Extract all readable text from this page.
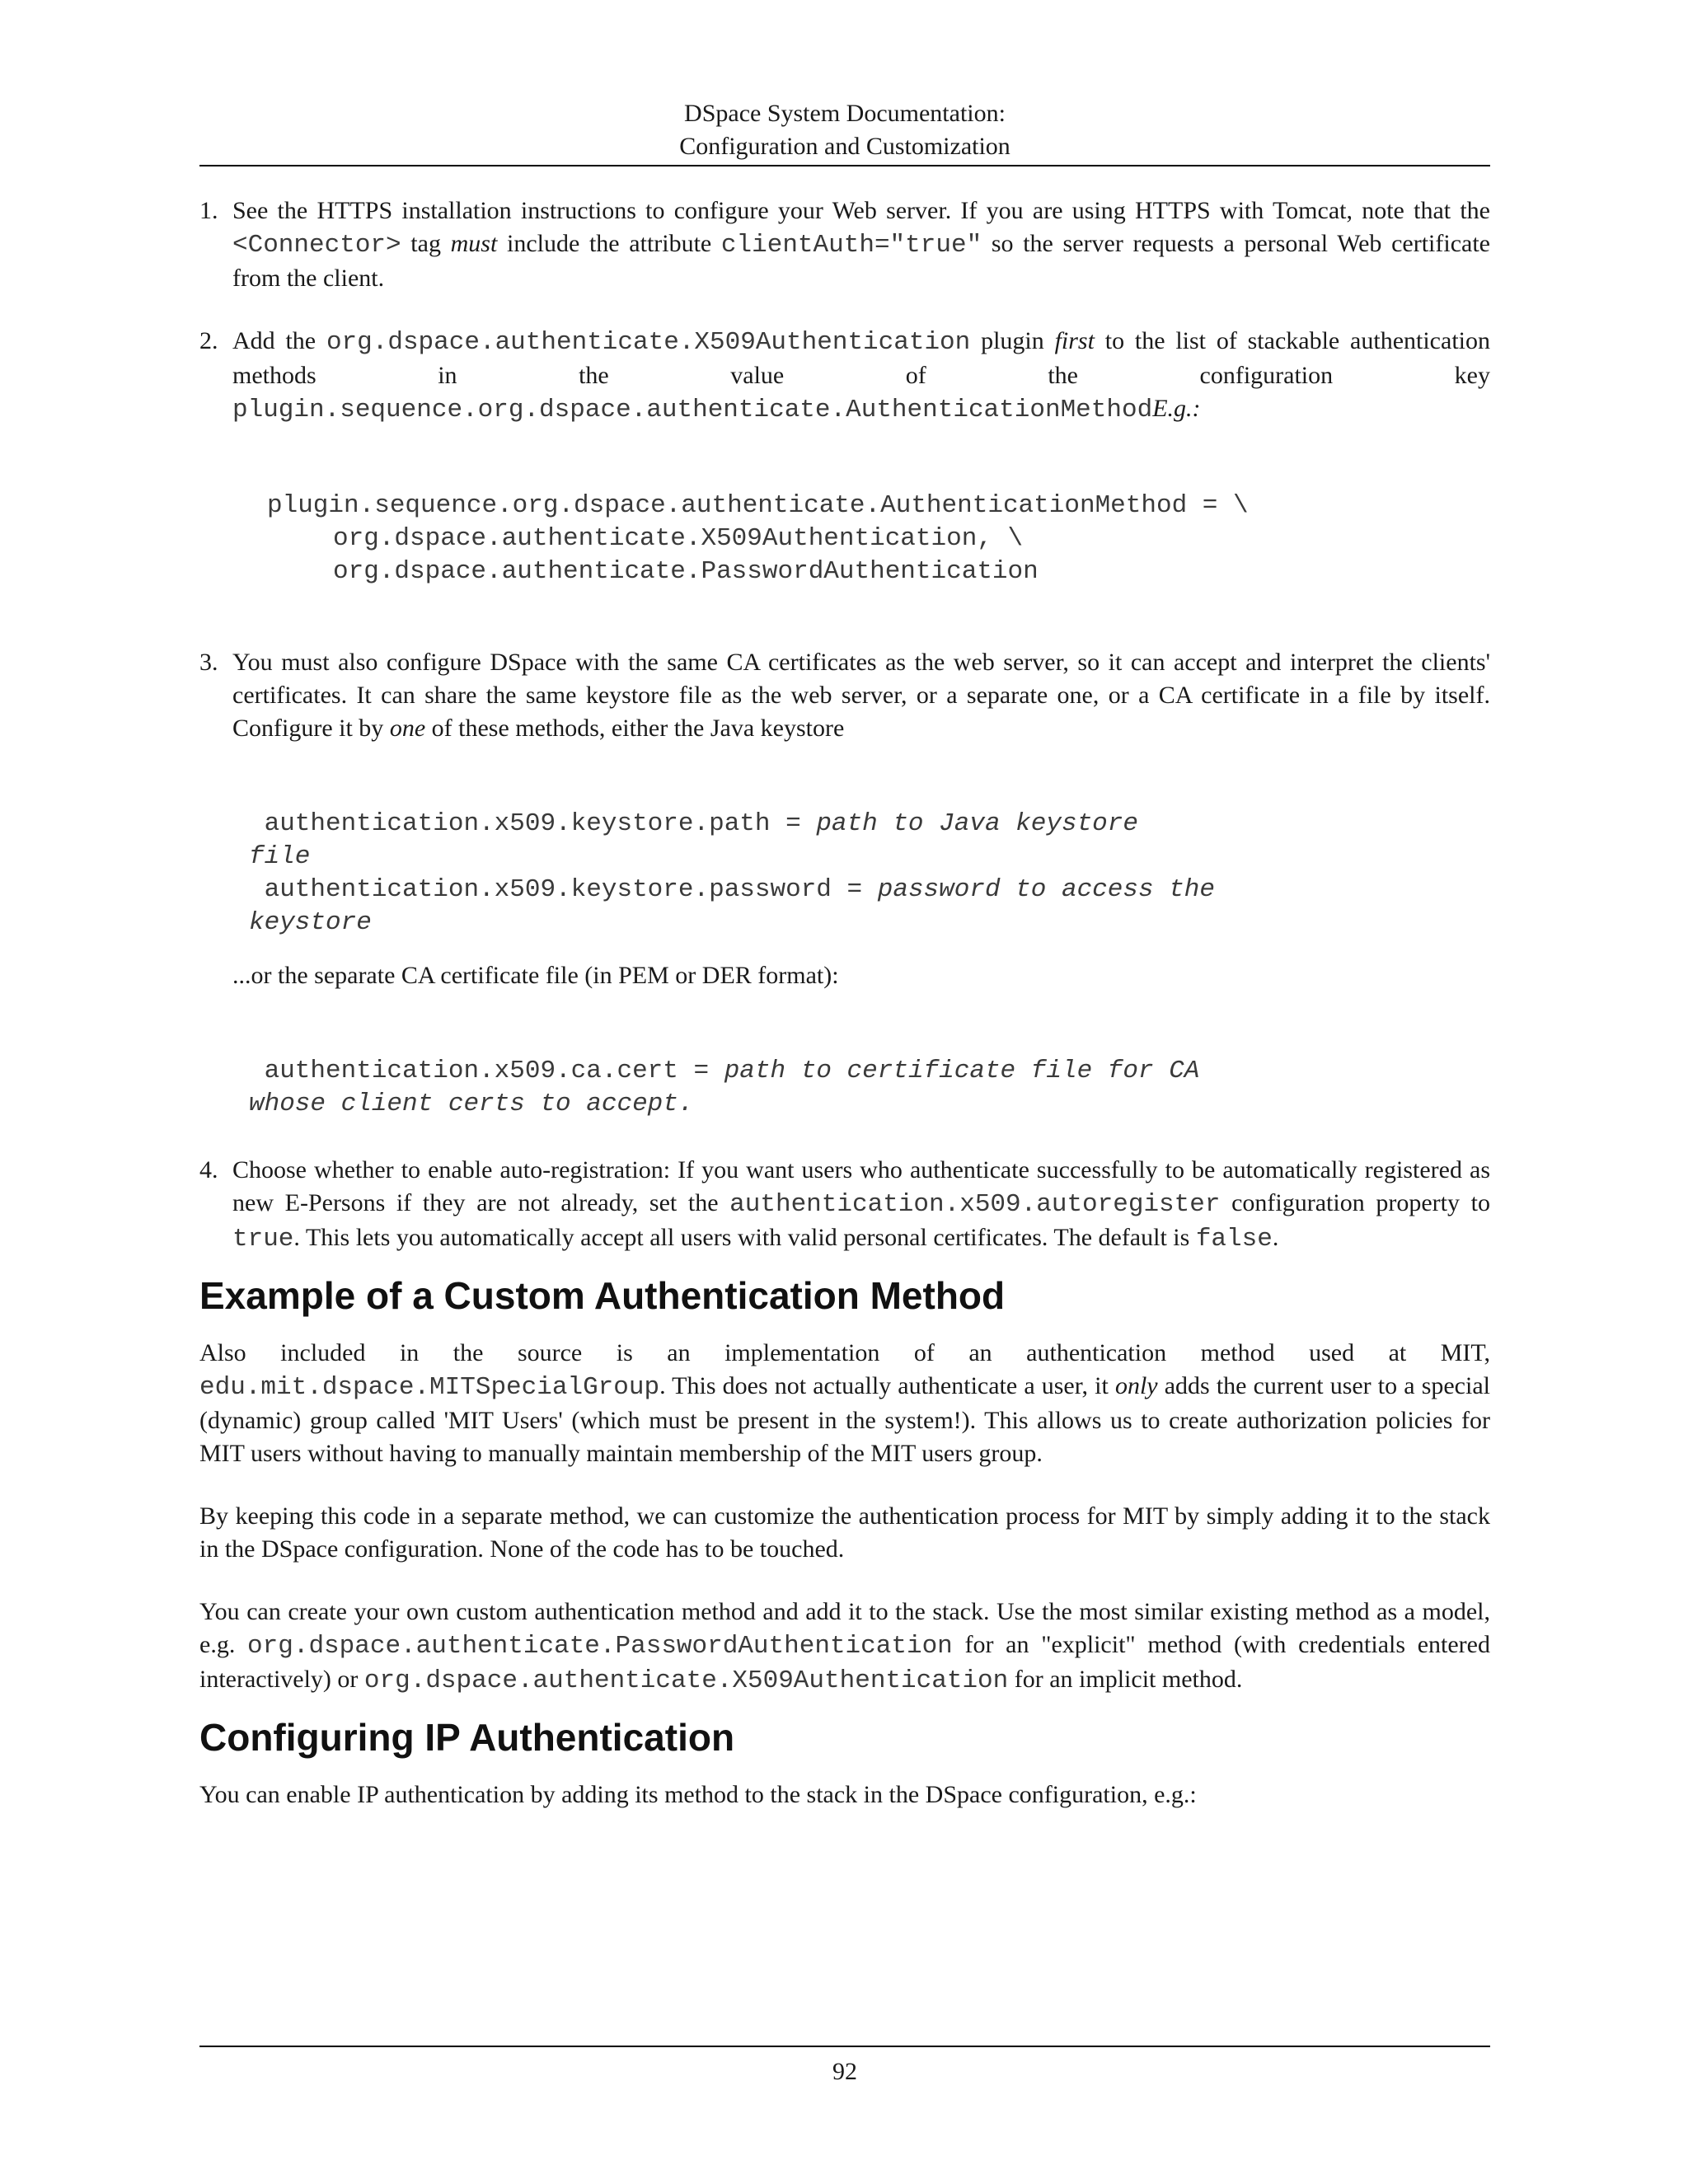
DSpace System Documentation:
Configuration and Customization
1. See the HTTPS installation instructions to configure your Web server. If you are using HTTPS with Tomcat, note that the <Connector> tag must include the attribute clientAuth="true" so the server requests a personal Web certificate from the client.
2. Add the org.dspace.authenticate.X509Authentication plugin first to the list of stackable authentication methods in the value of the configuration key plugin.sequence.org.dspace.authenticate.AuthenticationMethodE.g.:
plugin.sequence.org.dspace.authenticate.AuthenticationMethod = \
org.dspace.authenticate.X509Authentication, \
org.dspace.authenticate.PasswordAuthentication
3. You must also configure DSpace with the same CA certificates as the web server, so it can accept and interpret the clients' certificates. It can share the same keystore file as the web server, or a separate one, or a CA certificate in a file by itself. Configure it by one of these methods, either the Java keystore
authentication.x509.keystore.path = path to Java keystore
file
authentication.x509.keystore.password = password to access the
keystore
...or the separate CA certificate file (in PEM or DER format):
authentication.x509.ca.cert = path to certificate file for CA
whose client certs to accept.
4. Choose whether to enable auto-registration: If you want users who authenticate successfully to be automatically registered as new E-Persons if they are not already, set the authentication.x509.autoregister configuration property to true. This lets you automatically accept all users with valid personal certificates. The default is false.
Example of a Custom Authentication Method

Also included in the source is an implementation of an authentication method used at MIT, edu.mit.dspace.MITSpecialGroup. This does not actually authenticate a user, it only adds the current user to a special (dynamic) group called 'MIT Users' (which must be present in the system!). This allows us to create authorization policies for MIT users without having to manually maintain membership of the MIT users group.

By keeping this code in a separate method, we can customize the authentication process for MIT by simply adding it to the stack in the DSpace configuration. None of the code has to be touched.

You can create your own custom authentication method and add it to the stack. Use the most similar existing method as a model, e.g. org.dspace.authenticate.PasswordAuthentication for an "explicit" method (with credentials entered interactively) or org.dspace.authenticate.X509Authentication for an implicit method.

Configuring IP Authentication

You can enable IP authentication by adding its method to the stack in the DSpace configuration, e.g.:

92
